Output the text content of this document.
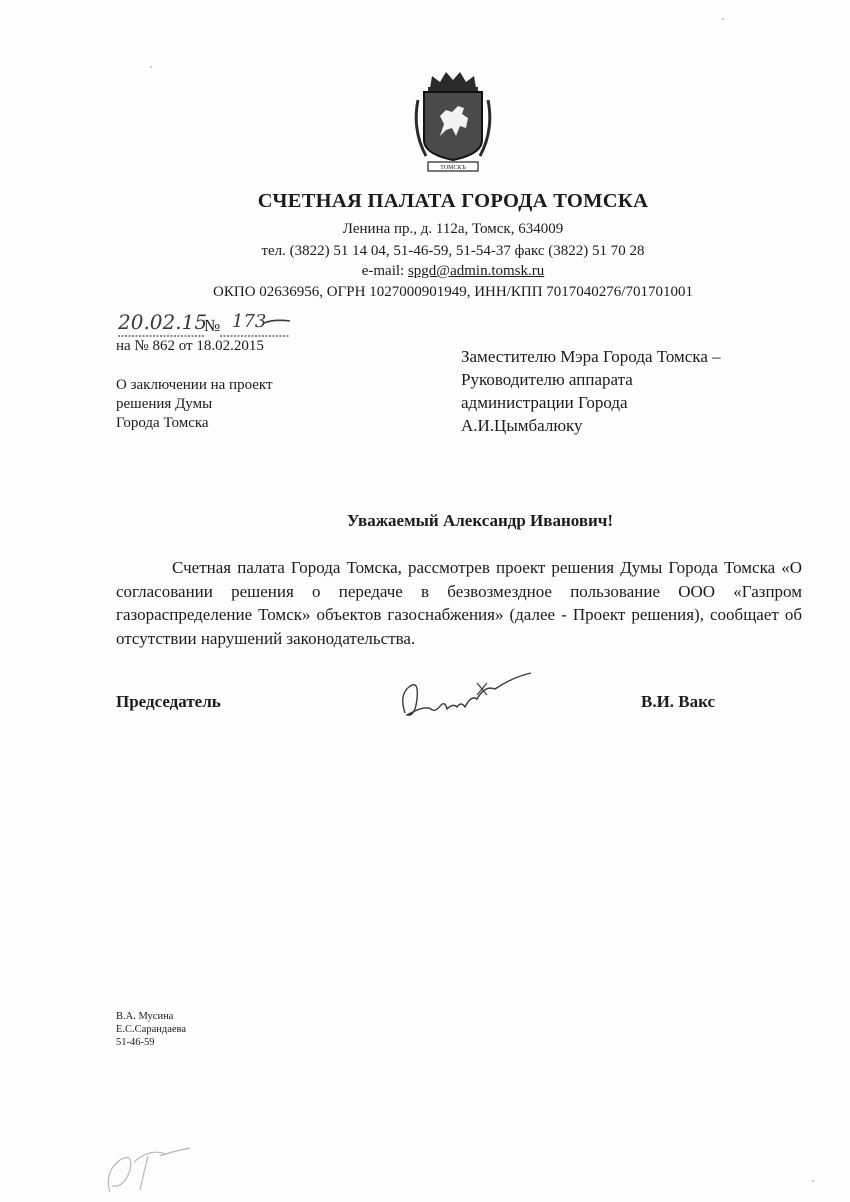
ТОМСКЪ
СЧЕТНАЯ ПАЛАТА ГОРОДА ТОМСКА
Ленина пр., д. 112а, Томск, 634009
тел. (3822) 51 14 04, 51-46-59, 51-54-37 факс (3822) 51 70 28
e-mail: spgd@admin.tomsk.ru
ОКПО 02636956, ОГРН 1027000901949, ИНН/КПП 7017040276/701701001
20.02.15
№ 173
на № 862 от 18.02.2015
О заключении на проект
решения Думы
Города Томска
Заместителю Мэра Города Томска –
Руководителю аппарата
администрации Города
А.И.Цымбалюку
Уважаемый Александр Иванович!
Счетная палата Города Томска, рассмотрев проект решения Думы Города Томска «О согласовании решения о передаче в безвозмездное пользование ООО «Газпром газораспределение Томск» объектов газоснабжения» (далее - Проект решения), сообщает об отсутствии нарушений законодательства.
Председатель	В.И. Вакс
В.А. Мусина
Е.С.Сарандаева
51-46-59
